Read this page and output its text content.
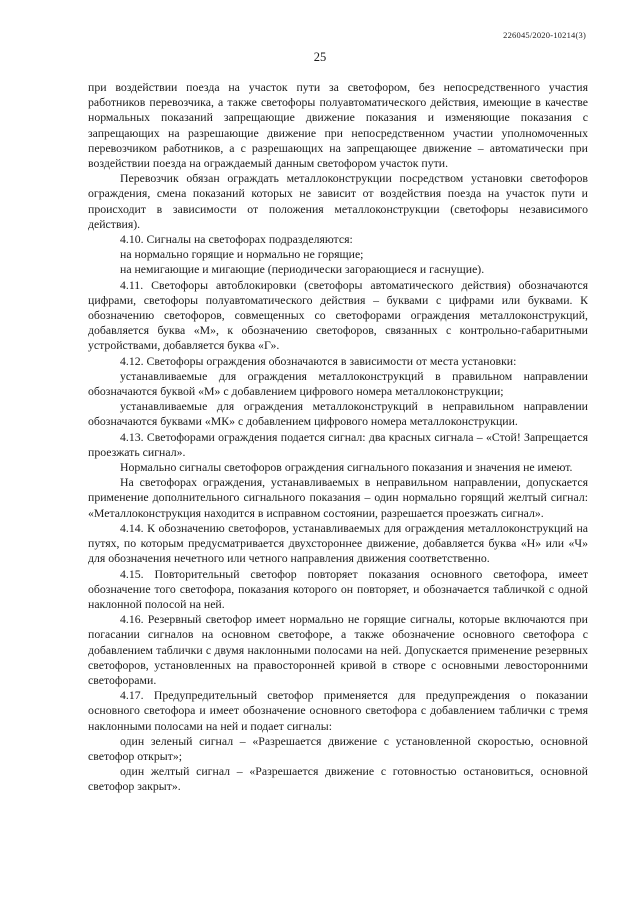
226045/2020-10214(3)
25

при воздействии поезда на участок пути за светофором, без непосредственного участия работников перевозчика, а также светофоры полуавтоматического действия, имеющие в качестве нормальных показаний запрещающие движение показания и изменяющие показания с запрещающих на разрешающие движение при непосредственном участии уполномоченных перевозчиком работников, а с разрешающих на запрещающее движение – автоматически при воздействии поезда на ограждаемый данным светофором участок пути.

Перевозчик обязан ограждать металлоконструкции посредством установки светофоров ограждения, смена показаний которых не зависит от воздействия поезда на участок пути и происходит в зависимости от положения металлоконструкции (светофоры независимого действия).

4.10. Сигналы на светофорах подразделяются:

на нормально горящие и нормально не горящие;

на немигающие и мигающие (периодически загорающиеся и гаснущие).

4.11. Светофоры автоблокировки (светофоры автоматического действия) обозначаются цифрами, светофоры полуавтоматического действия – буквами с цифрами или буквами. К обозначению светофоров, совмещенных со светофорами ограждения металлоконструкций, добавляется буква «М», к обозначению светофоров, связанных с контрольно-габаритными устройствами, добавляется буква «Г».

4.12. Светофоры ограждения обозначаются в зависимости от места установки:

устанавливаемые для ограждения металлоконструкций в правильном направлении обозначаются буквой «М» с добавлением цифрового номера металлоконструкции;

устанавливаемые для ограждения металлоконструкций в неправильном направлении обозначаются буквами «МК» с добавлением цифрового номера металлоконструкции.

4.13. Светофорами ограждения подается сигнал: два красных сигнала – «Стой! Запрещается проезжать сигнал».

Нормально сигналы светофоров ограждения сигнального показания и значения не имеют.

На светофорах ограждения, устанавливаемых в неправильном направлении, допускается применение дополнительного сигнального показания – один нормально горящий желтый сигнал: «Металлоконструкция находится в исправном состоянии, разрешается проезжать сигнал».

4.14. К обозначению светофоров, устанавливаемых для ограждения металлоконструкций на путях, по которым предусматривается двухстороннее движение, добавляется буква «Н» или «Ч» для обозначения нечетного или четного направления движения соответственно.

4.15. Повторительный светофор повторяет показания основного светофора, имеет обозначение того светофора, показания которого он повторяет, и обозначается табличкой с одной наклонной полосой на ней.

4.16. Резервный светофор имеет нормально не горящие сигналы, которые включаются при погасании сигналов на основном светофоре, а также обозначение основного светофора с добавлением таблички с двумя наклонными полосами на ней. Допускается применение резервных светофоров, установленных на правосторонней кривой в створе с основными левосторонними светофорами.

4.17. Предупредительный светофор применяется для предупреждения о показании основного светофора и имеет обозначение основного светофора с добавлением таблички с тремя наклонными полосами на ней и подает сигналы:

один зеленый сигнал – «Разрешается движение с установленной скоростью, основной светофор открыт»;

один желтый сигнал – «Разрешается движение с готовностью остановиться, основной светофор закрыт».
